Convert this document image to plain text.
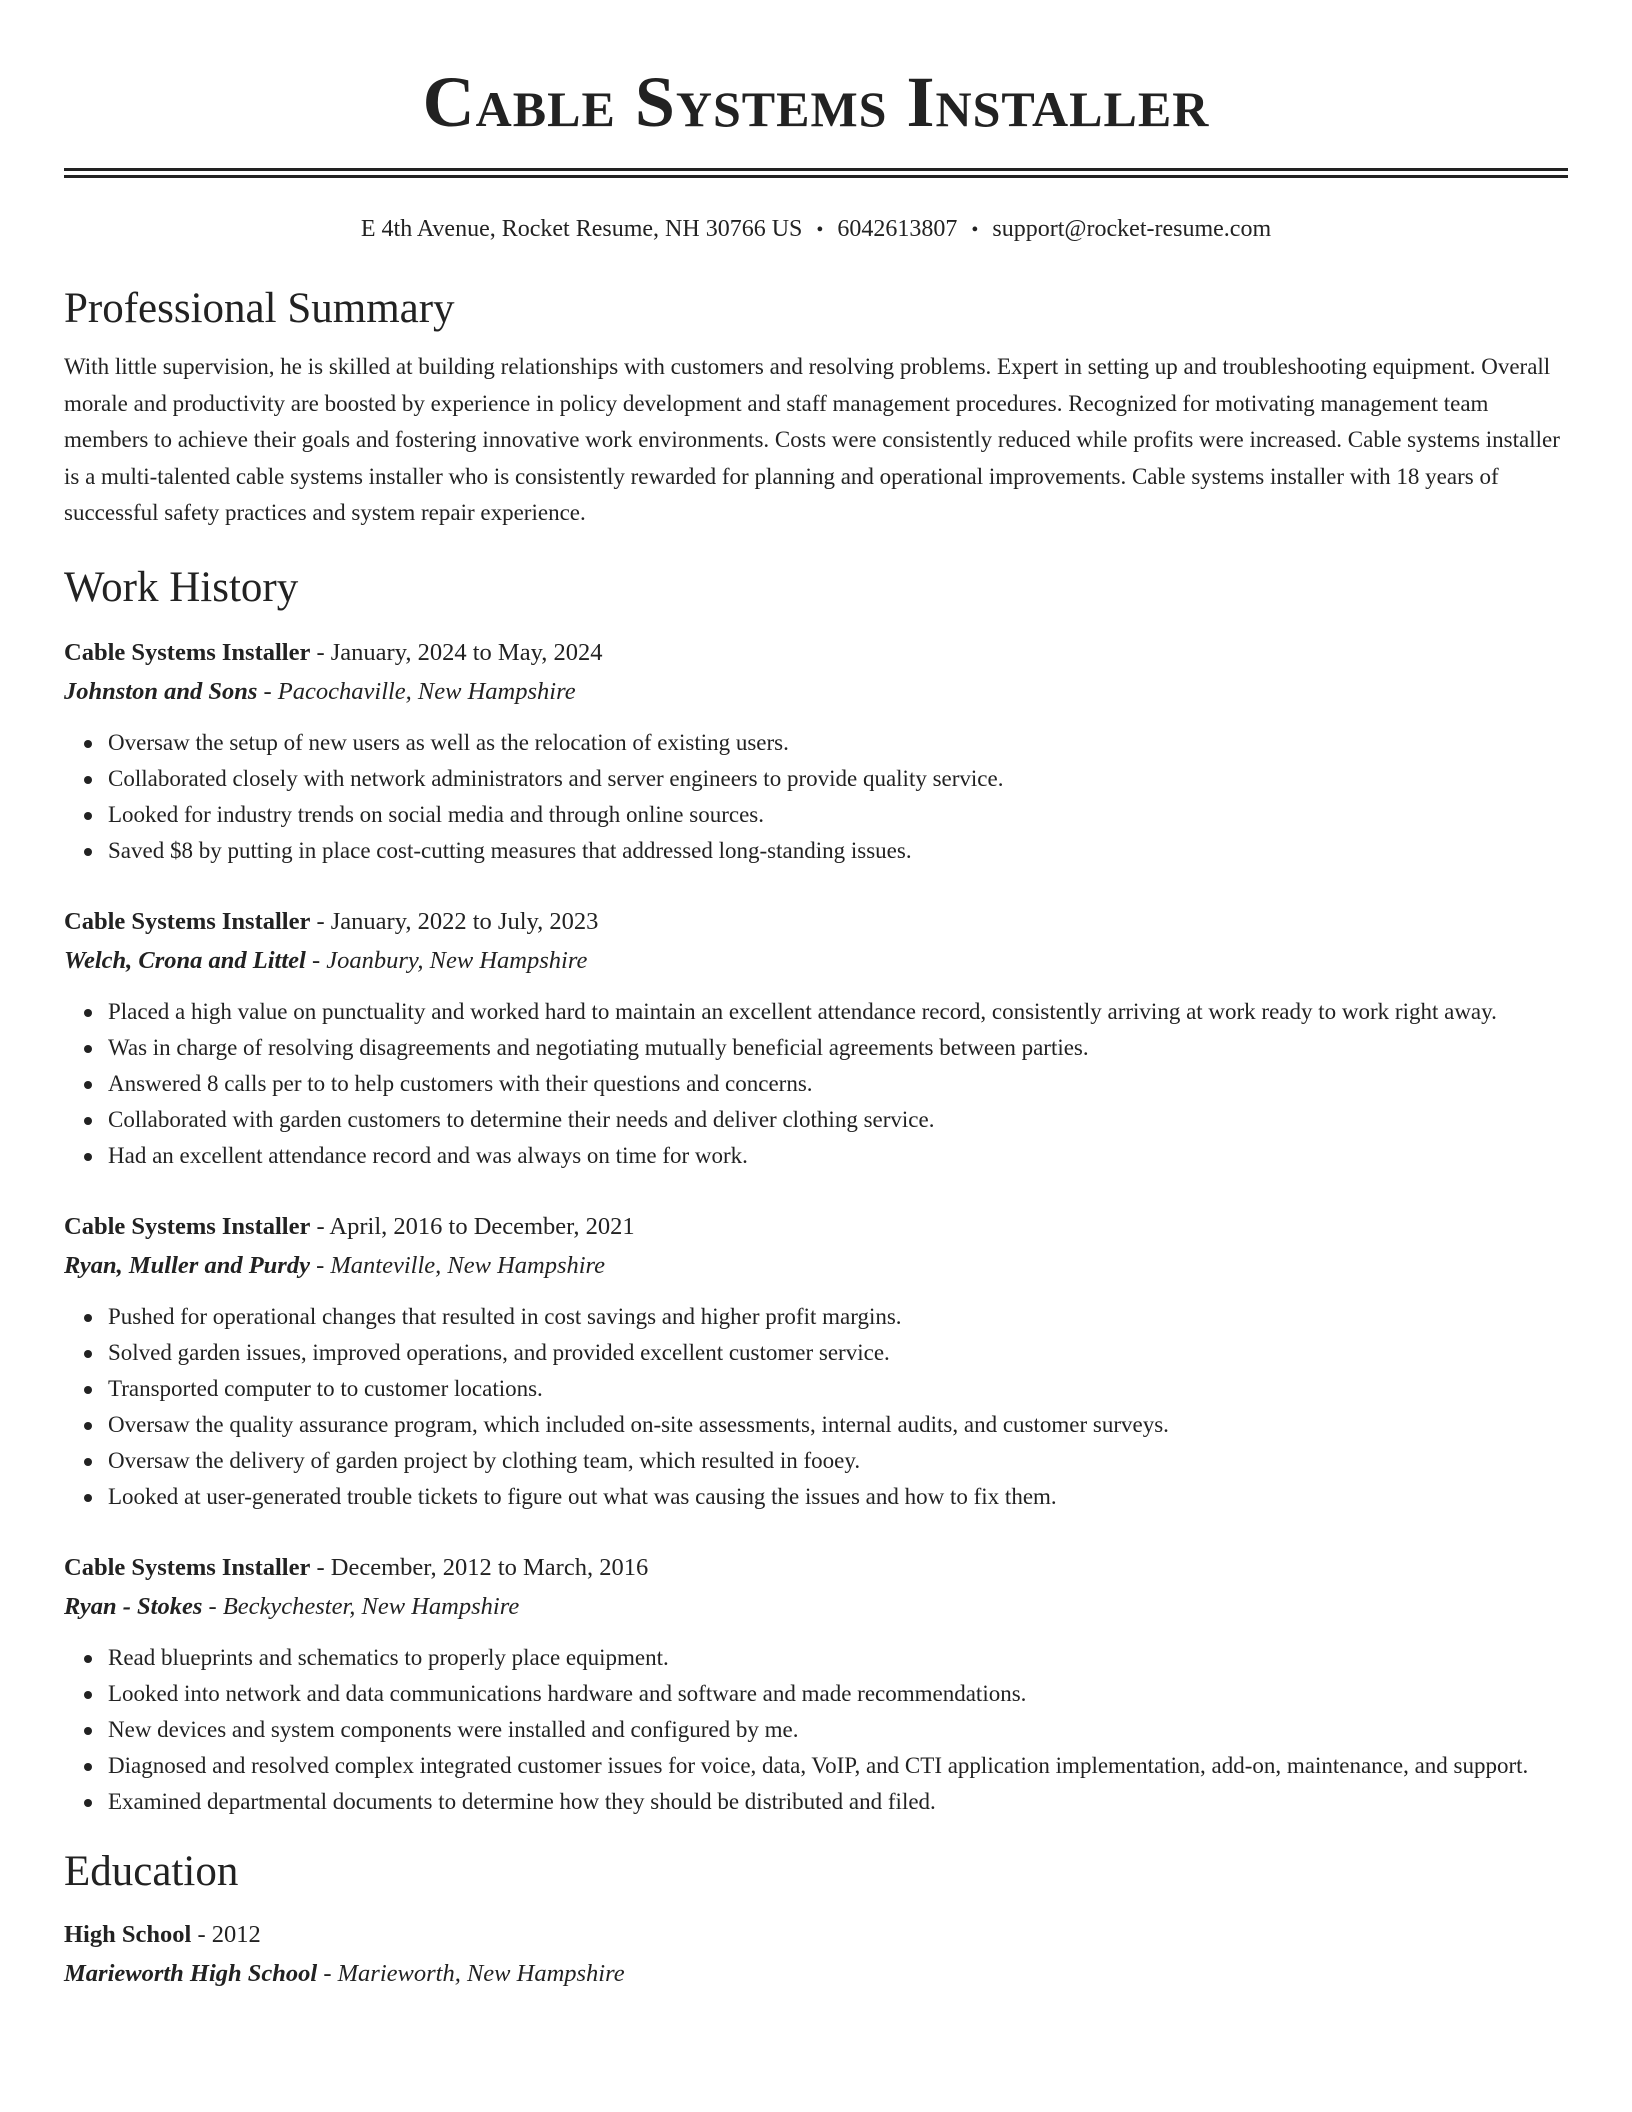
Cable Systems Installer
E 4th Avenue, Rocket Resume, NH 30766 US • 6042613807 • support@rocket-resume.com
Professional Summary

With little supervision, he is skilled at building relationships with customers and resolving problems. Expert in setting up and troubleshooting equipment. Overall morale and productivity are boosted by experience in policy development and staff management procedures. Recognized for motivating management team members to achieve their goals and fostering innovative work environments. Costs were consistently reduced while profits were increased. Cable systems installer is a multi-talented cable systems installer who is consistently rewarded for planning and operational improvements. Cable systems installer with 18 years of successful safety practices and system repair experience.

Work History
Cable Systems Installer - January, 2024 to May, 2024
Johnston and Sons - Pacochaville, New Hampshire
Oversaw the setup of new users as well as the relocation of existing users.
Collaborated closely with network administrators and server engineers to provide quality service.
Looked for industry trends on social media and through online sources.
Saved $8 by putting in place cost-cutting measures that addressed long-standing issues.
Cable Systems Installer - January, 2022 to July, 2023
Welch, Crona and Littel - Joanbury, New Hampshire
Placed a high value on punctuality and worked hard to maintain an excellent attendance record, consistently arriving at work ready to work right away.
Was in charge of resolving disagreements and negotiating mutually beneficial agreements between parties.
Answered 8 calls per to to help customers with their questions and concerns.
Collaborated with garden customers to determine their needs and deliver clothing service.
Had an excellent attendance record and was always on time for work.
Cable Systems Installer - April, 2016 to December, 2021
Ryan, Muller and Purdy - Manteville, New Hampshire
Pushed for operational changes that resulted in cost savings and higher profit margins.
Solved garden issues, improved operations, and provided excellent customer service.
Transported computer to to customer locations.
Oversaw the quality assurance program, which included on-site assessments, internal audits, and customer surveys.
Oversaw the delivery of garden project by clothing team, which resulted in fooey.
Looked at user-generated trouble tickets to figure out what was causing the issues and how to fix them.
Cable Systems Installer - December, 2012 to March, 2016
Ryan - Stokes - Beckychester, New Hampshire
Read blueprints and schematics to properly place equipment.
Looked into network and data communications hardware and software and made recommendations.
New devices and system components were installed and configured by me.
Diagnosed and resolved complex integrated customer issues for voice, data, VoIP, and CTI application implementation, add-on, maintenance, and support.
Examined departmental documents to determine how they should be distributed and filed.
Education
High School - 2012
Marieworth High School - Marieworth, New Hampshire
